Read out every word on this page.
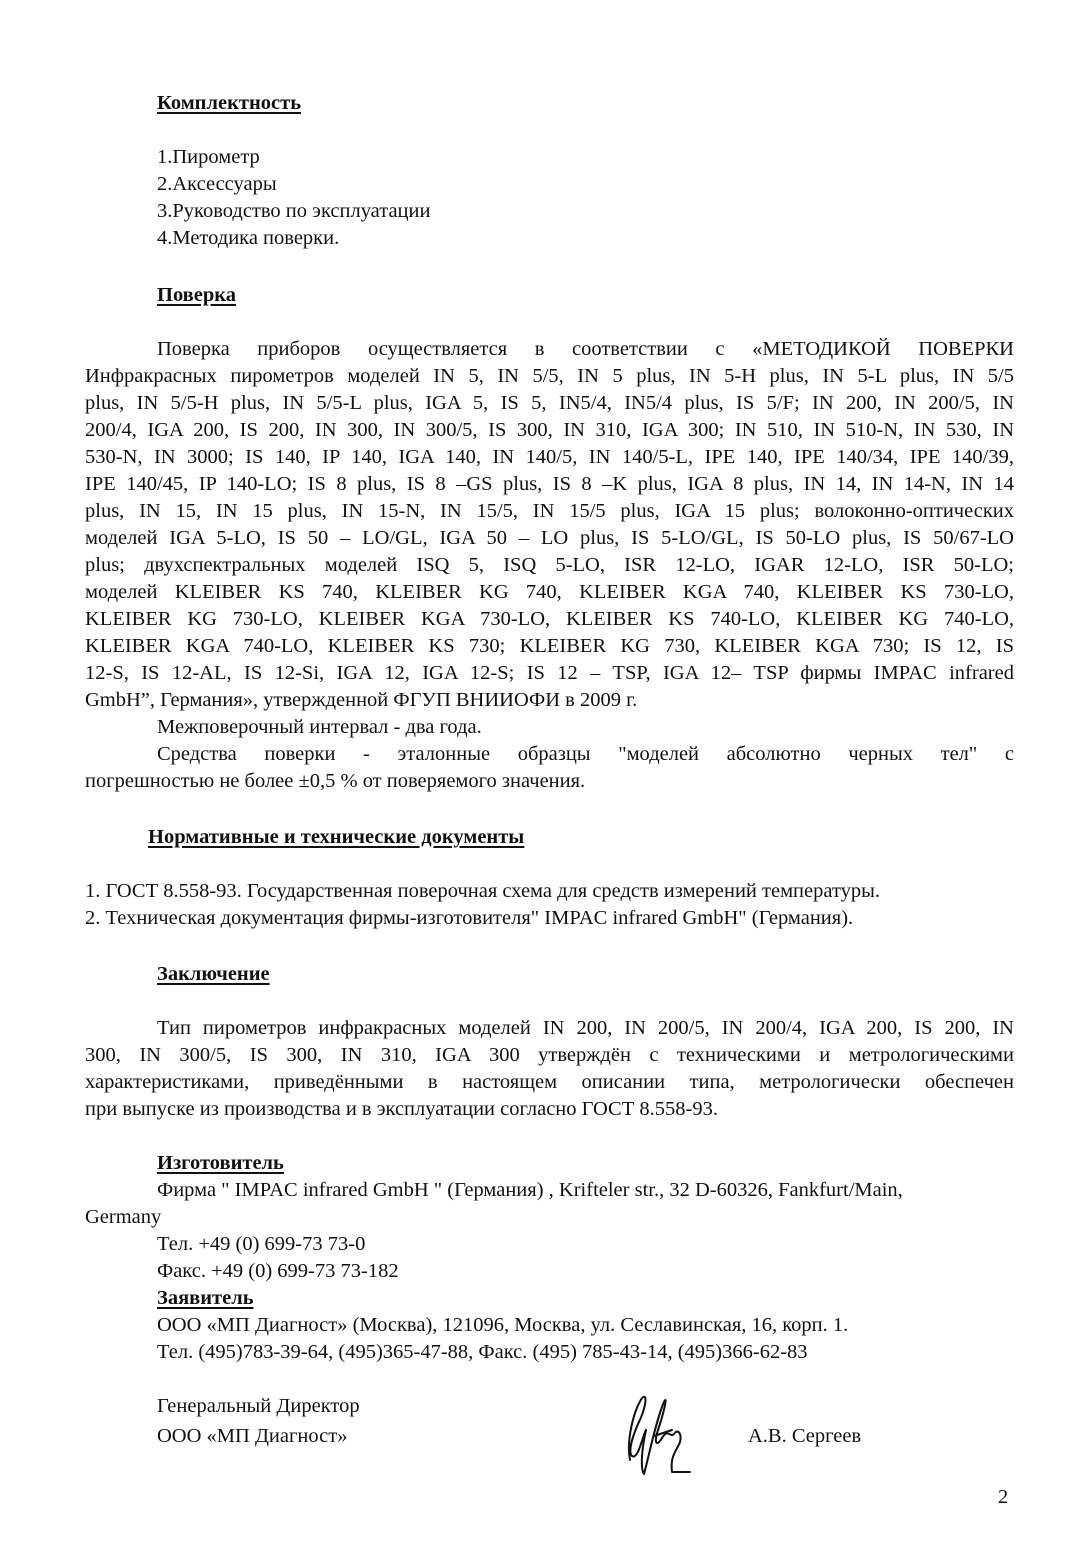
Комплектность
1.Пирометр
2.Аксессуары
3.Руководство по эксплуатации
4.Методика поверки.
Поверка
Поверка приборов осуществляется в соответствии с «МЕТОДИКОЙ ПОВЕРКИ
Инфракрасных пирометров моделей IN 5, IN 5/5, IN 5 plus, IN 5-H plus, IN 5-L plus, IN 5/5
plus, IN 5/5-H plus, IN 5/5-L plus, IGA 5, IS 5, IN5/4, IN5/4 plus, IS 5/F; IN 200, IN 200/5, IN
200/4, IGA 200, IS 200, IN 300, IN 300/5, IS 300, IN 310, IGA 300; IN 510, IN 510-N, IN 530, IN
530-N, IN 3000; IS 140, IP 140, IGA 140, IN 140/5, IN 140/5-L, IPE 140, IPE 140/34, IPE 140/39,
IPE 140/45, IP 140-LO; IS 8 plus, IS 8 –GS plus, IS 8 –K plus, IGA 8 plus, IN 14, IN 14-N, IN 14
plus, IN 15, IN 15 plus, IN 15-N, IN 15/5, IN 15/5 plus, IGA 15 plus; волоконно-оптических
моделей IGA 5-LO, IS 50 – LO/GL, IGA 50 – LO plus, IS 5-LO/GL, IS 50-LO plus, IS 50/67-LO
plus; двухспектральных моделей ISQ 5, ISQ 5-LO, ISR 12-LO, IGAR 12-LO, ISR 50-LO;
моделей KLEIBER KS 740, KLEIBER KG 740, KLEIBER KGA 740, KLEIBER KS 730-LO,
KLEIBER KG 730-LO, KLEIBER KGA 730-LO, KLEIBER KS 740-LO, KLEIBER KG 740-LO,
KLEIBER KGA 740-LO, KLEIBER KS 730; KLEIBER KG 730, KLEIBER KGA 730; IS 12, IS
12-S, IS 12-AL, IS 12-Si, IGA 12, IGA 12-S; IS 12 – TSP, IGA 12– TSP фирмы IMPAC infrared
GmbH”, Германия», утвержденной ФГУП ВНИИОФИ в 2009 г.
Межповерочный интервал - два года.
Средства поверки - эталонные образцы "моделей абсолютно черных тел" с
погрешностью не более ±0,5 % от поверяемого значения.
Нормативные и технические документы
1. ГОСТ 8.558-93. Государственная поверочная схема для средств измерений температуры.
2. Техническая документация фирмы-изготовителя" IMPAC infrared GmbH" (Германия).
Заключение
Тип пирометров инфракрасных моделей IN 200, IN 200/5, IN 200/4, IGA 200, IS 200, IN
300, IN 300/5, IS 300, IN 310, IGA 300 утверждён с техническими и метрологическими
характеристиками, приведёнными в настоящем описании типа, метрологически обеспечен
при выпуске из производства и в эксплуатации согласно ГОСТ 8.558-93.
Изготовитель
Фирма " IMPAC infrared GmbH " (Германия) , Krifteler str., 32 D-60326, Fankfurt/Main,
Germany
Тел. +49 (0) 699-73 73-0
Факс. +49 (0) 699-73 73-182
Заявитель
ООО «МП Диагност» (Москва), 121096, Москва, ул. Сеславинская, 16, корп. 1.
Тел. (495)783-39-64, (495)365-47-88, Факс. (495) 785-43-14, (495)366-62-83
Генеральный Директор
ООО «МП Диагност»	А.В. Сергеев
2
